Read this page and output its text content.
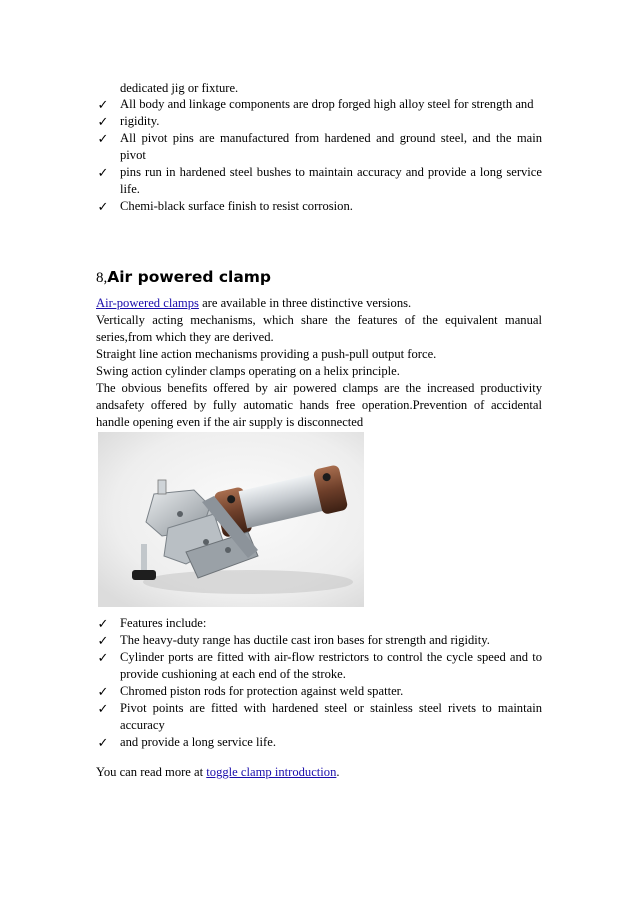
dedicated jig or fixture.
✓ All body and linkage components are drop forged high alloy steel for strength and
✓ rigidity.
✓ All pivot pins are manufactured from hardened and ground steel, and the main
pivot
✓ pins run in hardened steel bushes to maintain accuracy and provide a long service
life.
✓ Chemi-black surface finish to resist corrosion.
8,Air powered clamp
Air-powered clamps are available in three distinctive versions.
Vertically acting mechanisms, which share the features of the equivalent manual
series,from which they are derived.
Straight line action mechanisms providing a push-pull output force.
Swing action cylinder clamps operating on a helix principle.
The obvious benefits offered by air powered clamps are the increased productivity
andsafety offered by fully automatic hands free operation.Prevention of accidental
handle opening even if the air supply is disconnected
✓ Features include:
✓ The heavy-duty range has ductile cast iron bases for strength and rigidity.
✓ Cylinder ports are fitted with air-flow restrictors to control the cycle speed and to
provide cushioning at each end of the stroke.
✓ Chromed piston rods for protection against weld spatter.
✓ Pivot points are fitted with hardened steel or stainless steel rivets to maintain
accuracy
✓ and provide a long service life.
You can read more at toggle clamp introduction.
